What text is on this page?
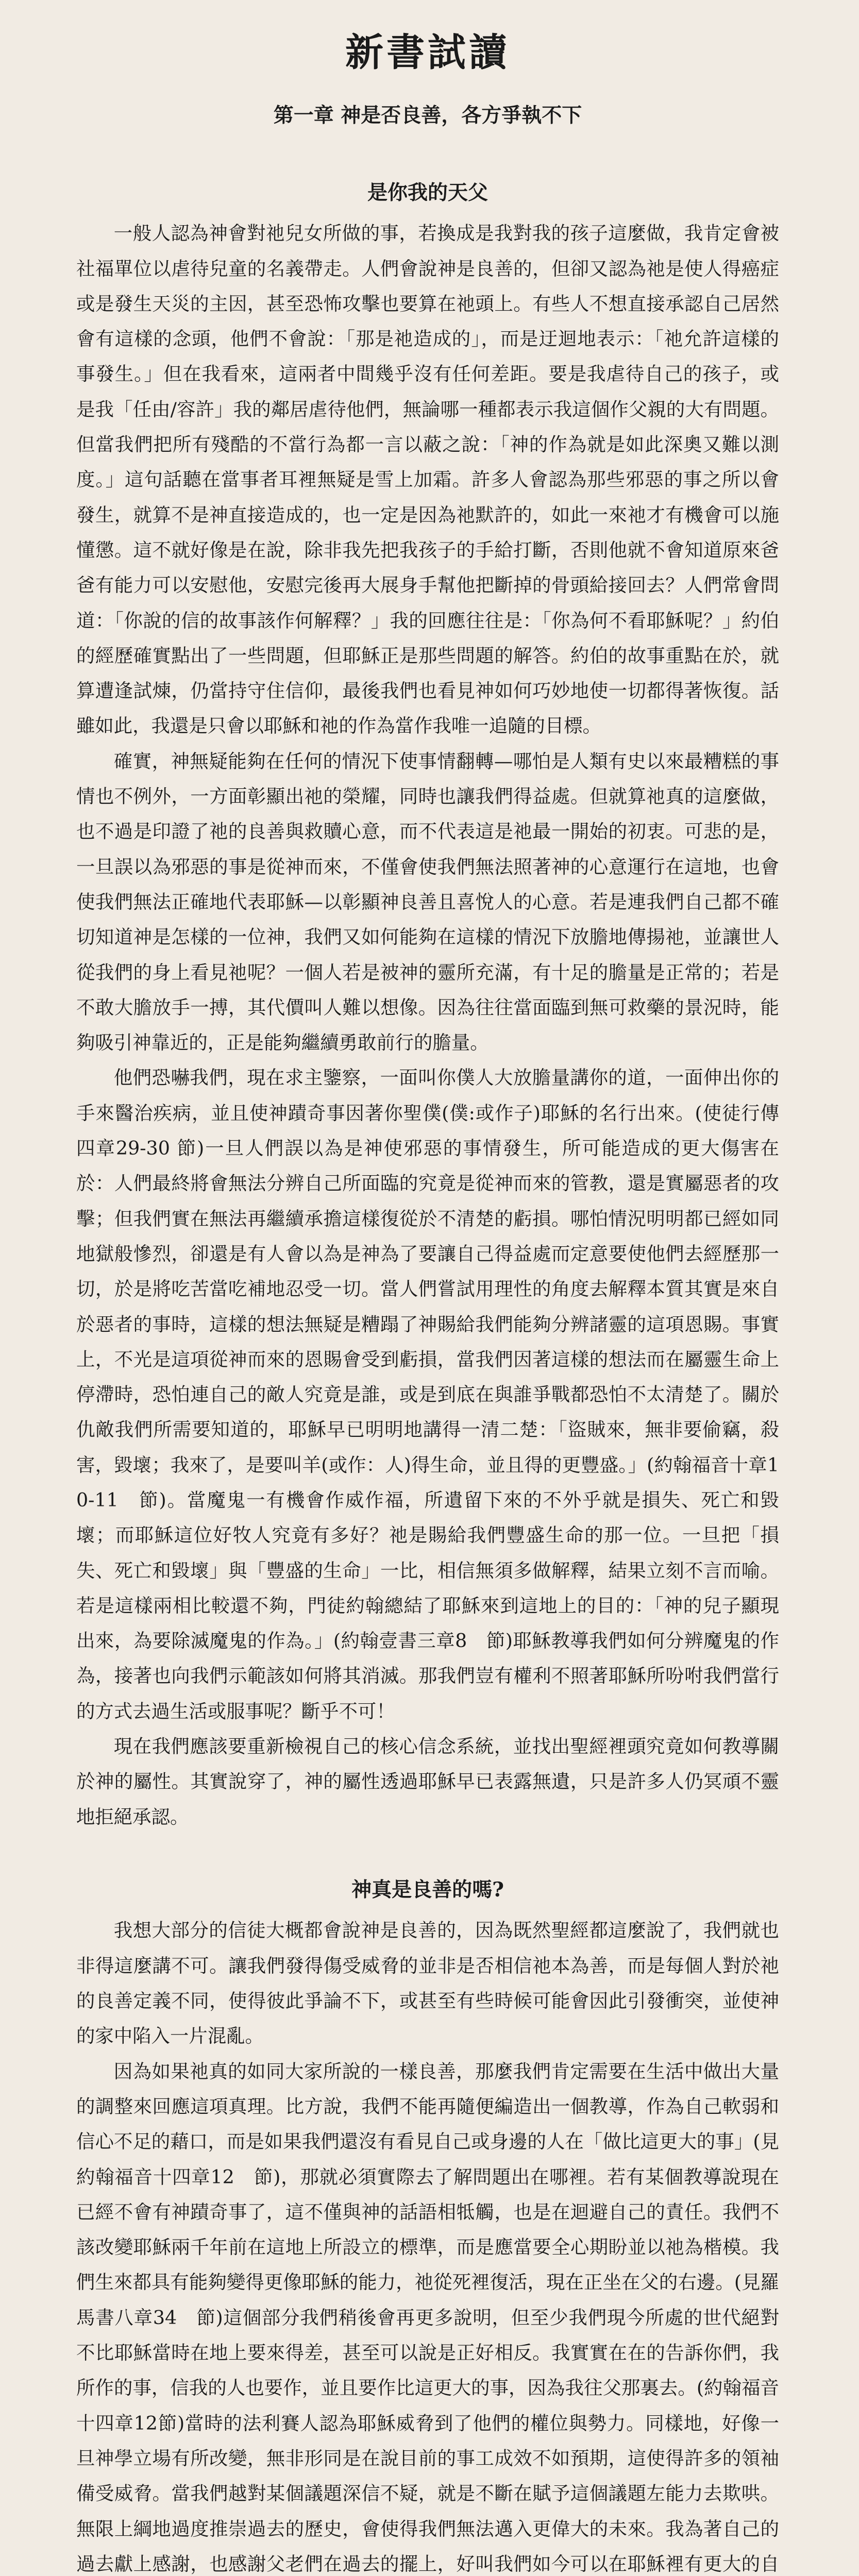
新書試讀
第一章 神是否良善，各方爭執不下
是你我的天父

一般人認為神會對祂兒女所做的事，若換成是我對我的孩子這麼做，我肯定會被社福單位以虐待兒童的名義帶走。人們會說神是良善的，但卻又認為祂是使人得癌症或是發生天災的主因，甚至恐怖攻擊也要算在祂頭上。有些人不想直接承認自己居然會有這樣的念頭，他們不會說：「那是祂造成的」，而是迂迴地表示：「祂允許這樣的事發生。」但在我看來，這兩者中間幾乎沒有任何差距。要是我虐待自己的孩子，或是我「任由/容許」我的鄰居虐待他們，無論哪一種都表示我這個作父親的大有問題。但當我們把所有殘酷的不當行為都一言以蔽之說：「神的作為就是如此深奧又難以測度。」這句話聽在當事者耳裡無疑是雪上加霜。許多人會認為那些邪惡的事之所以會發生，就算不是神直接造成的，也一定是因為祂默許的，如此一來祂才有機會可以施懂懲。這不就好像是在說，除非我先把我孩子的手給打斷，否則他就不會知道原來爸爸有能力可以安慰他，安慰完後再大展身手幫他把斷掉的骨頭給接回去？人們常會問道：「你說的信的故事該作何解釋？」我的回應往往是：「你為何不看耶穌呢？」約伯的經歷確實點出了一些問題，但耶穌正是那些問題的解答。約伯的故事重點在於，就算遭逢試煉，仍當持守住信仰，最後我們也看見神如何巧妙地使一切都得著恢復。話雖如此，我還是只會以耶穌和祂的作為當作我唯一追隨的目標。

確實，神無疑能夠在任何的情況下使事情翻轉—哪怕是人類有史以來最糟糕的事情也不例外，一方面彰顯出祂的榮耀，同時也讓我們得益處。但就算祂真的這麼做，也不過是印證了祂的良善與救贖心意，而不代表這是祂最一開始的初衷。可悲的是，一旦誤以為邪惡的事是從神而來，不僅會使我們無法照著神的心意運行在這地，也會使我們無法正確地代表耶穌—以彰顯神良善且喜悅人的心意。若是連我們自己都不確切知道神是怎樣的一位神，我們又如何能夠在這樣的情況下放膽地傳揚祂，並讓世人從我們的身上看見祂呢？一個人若是被神的靈所充滿，有十足的膽量是正常的；若是不敢大膽放手一搏，其代價叫人難以想像。因為往往當面臨到無可救藥的景況時，能夠吸引神靠近的，正是能夠繼續勇敢前行的膽量。

他們恐嚇我們，現在求主鑒察，一面叫你僕人大放膽量講你的道，一面伸出你的手來醫治疾病，並且使神蹟奇事因著你聖僕(僕:或作子)耶穌的名行出來。(使徒行傳四章29-30 節)一旦人們誤以為是神使邪惡的事情發生，所可能造成的更大傷害在於：人們最終將會無法分辨自己所面臨的究竟是從神而來的管教，還是實屬惡者的攻擊；但我們實在無法再繼續承擔這樣復從於不清楚的虧損。哪怕情況明明都已經如同地獄般慘烈，卻還是有人會以為是神為了要讓自己得益處而定意要使他們去經歷那一切，於是將吃苦當吃補地忍受一切。當人們嘗試用理性的角度去解釋本質其實是來自於惡者的事時，這樣的想法無疑是糟蹋了神賜給我們能夠分辨諸靈的這項恩賜。事實上，不光是這項從神而來的恩賜會受到虧損，當我們因著這樣的想法而在屬靈生命上停滯時，恐怕連自己的敵人究竟是誰，或是到底在與誰爭戰都恐怕不太清楚了。關於仇敵我們所需要知道的，耶穌早已明明地講得一清二楚：「盜賊來，無非要偷竊，殺害，毀壞；我來了，是要叫羊(或作：人)得生命，並且得的更豐盛。」(約翰福音十章10-11　節)。當魔鬼一有機會作威作福，所遺留下來的不外乎就是損失、死亡和毀壞；而耶穌這位好牧人究竟有多好？祂是賜給我們豐盛生命的那一位。一旦把「損失、死亡和毀壞」與「豐盛的生命」一比，相信無須多做解釋，結果立刻不言而喻。若是這樣兩相比較還不夠，門徒約翰總結了耶穌來到這地上的目的：「神的兒子顯現出來，為要除滅魔鬼的作為。」(約翰壹書三章8　節)耶穌教導我們如何分辨魔鬼的作為，接著也向我們示範該如何將其消滅。那我們豈有權利不照著耶穌所吩咐我們當行的方式去過生活或服事呢？斷乎不可！

現在我們應該要重新檢視自己的核心信念系統，並找出聖經裡頭究竟如何教導關於神的屬性。其實說穿了，神的屬性透過耶穌早已表露無遺，只是許多人仍冥頑不靈地拒絕承認。

神真是良善的嗎?

我想大部分的信徒大概都會說神是良善的，因為既然聖經都這麼說了，我們就也非得這麼講不可。讓我們發得傷受威脅的並非是否相信祂本為善，而是每個人對於祂的良善定義不同，使得彼此爭論不下，或甚至有些時候可能會因此引發衝突，並使神的家中陷入一片混亂。

因為如果祂真的如同大家所說的一樣良善，那麼我們肯定需要在生活中做出大量的調整來回應這項真理。比方說，我們不能再隨便編造出一個教導，作為自己軟弱和信心不足的藉口，而是如果我們還沒有看見自己或身邊的人在「做比這更大的事」(見約翰福音十四章12　節)，那就必須實際去了解問題出在哪裡。若有某個教導說現在已經不會有神蹟奇事了，這不僅與神的話語相牴觸，也是在迴避自己的責任。我們不該改變耶穌兩千年前在這地上所設立的標準，而是應當要全心期盼並以祂為楷模。我們生來都具有能夠變得更像耶穌的能力，祂從死裡復活，現在正坐在父的右邊。(見羅馬書八章34　節)這個部分我們稍後會再更多說明，但至少我們現今所處的世代絕對不比耶穌當時在地上要來得差，甚至可以說是正好相反。我實實在在的告訴你們，我所作的事，信我的人也要作，並且要作比這更大的事，因為我往父那裏去。(約翰福音十四章12節)當時的法利賽人認為耶穌威脅到了他們的權位與勢力。同樣地，好像一旦神學立場有所改變，無非形同是在說目前的事工成效不如預期，這使得許多的領袖備受威脅。當我們越對某個議題深信不疑，就是不斷在賦予這個議題左能力去欺哄。無限上綱地過度推崇過去的歷史，會使得我們無法邁入更偉大的未來。我為著自己的過去獻上感謝，也感謝父老們在過去的擺上，好叫我們如今可以在耶穌裡有更大的自
